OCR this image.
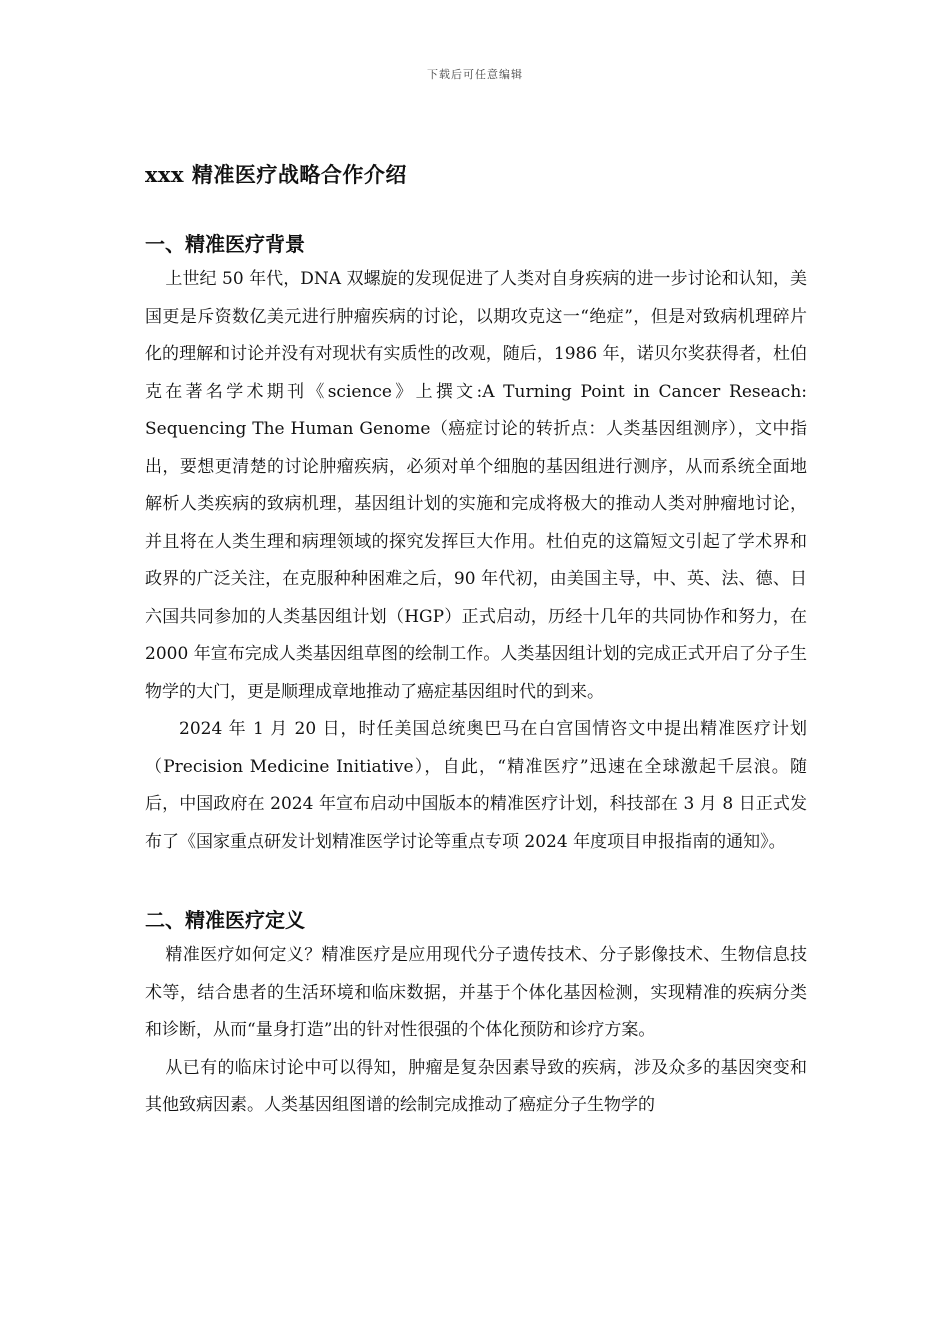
下载后可任意编辑
xxx 精准医疗战略合作介绍
一、精准医疗背景

上世纪 50 年代，DNA 双螺旋的发现促进了人类对自身疾病的进一步讨论和认知，美国更是斥资数亿美元进行肿瘤疾病的讨论，以期攻克这一“绝症”，但是对致病机理碎片化的理解和讨论并没有对现状有实质性的改观，随后，1986 年，诺贝尔奖获得者，杜伯克在著名学术期刊《science》上撰文:A Turning Point in Cancer Reseach: Sequencing The Human Genome（癌症讨论的转折点：人类基因组测序），文中指出，要想更清楚的讨论肿瘤疾病，必须对单个细胞的基因组进行测序，从而系统全面地解析人类疾病的致病机理，基因组计划的实施和完成将极大的推动人类对肿瘤地讨论，并且将在人类生理和病理领域的探究发挥巨大作用。杜伯克的这篇短文引起了学术界和政界的广泛关注，在克服种种困难之后，90 年代初，由美国主导，中、英、法、德、日六国共同参加的人类基因组计划（HGP）正式启动，历经十几年的共同协作和努力，在 2000 年宣布完成人类基因组草图的绘制工作。人类基因组计划的完成正式开启了分子生物学的大门，更是顺理成章地推动了癌症基因组时代的到来。

2024 年 1 月 20 日，时任美国总统奥巴马在白宫国情咨文中提出精准医疗计划（Precision Medicine Initiative），自此，“精准医疗”迅速在全球激起千层浪。随后，中国政府在 2024 年宣布启动中国版本的精准医疗计划，科技部在 3 月 8 日正式发布了《国家重点研发计划精准医学讨论等重点专项 2024 年度项目申报指南的通知》。

二、精准医疗定义

精准医疗如何定义？精准医疗是应用现代分子遗传技术、分子影像技术、生物信息技术等，结合患者的生活环境和临床数据，并基于个体化基因检测，实现精准的疾病分类和诊断，从而“量身打造”出的针对性很强的个体化预防和诊疗方案。

从已有的临床讨论中可以得知，肿瘤是复杂因素导致的疾病，涉及众多的基因突变和其他致病因素。人类基因组图谱的绘制完成推动了癌症分子生物学的
